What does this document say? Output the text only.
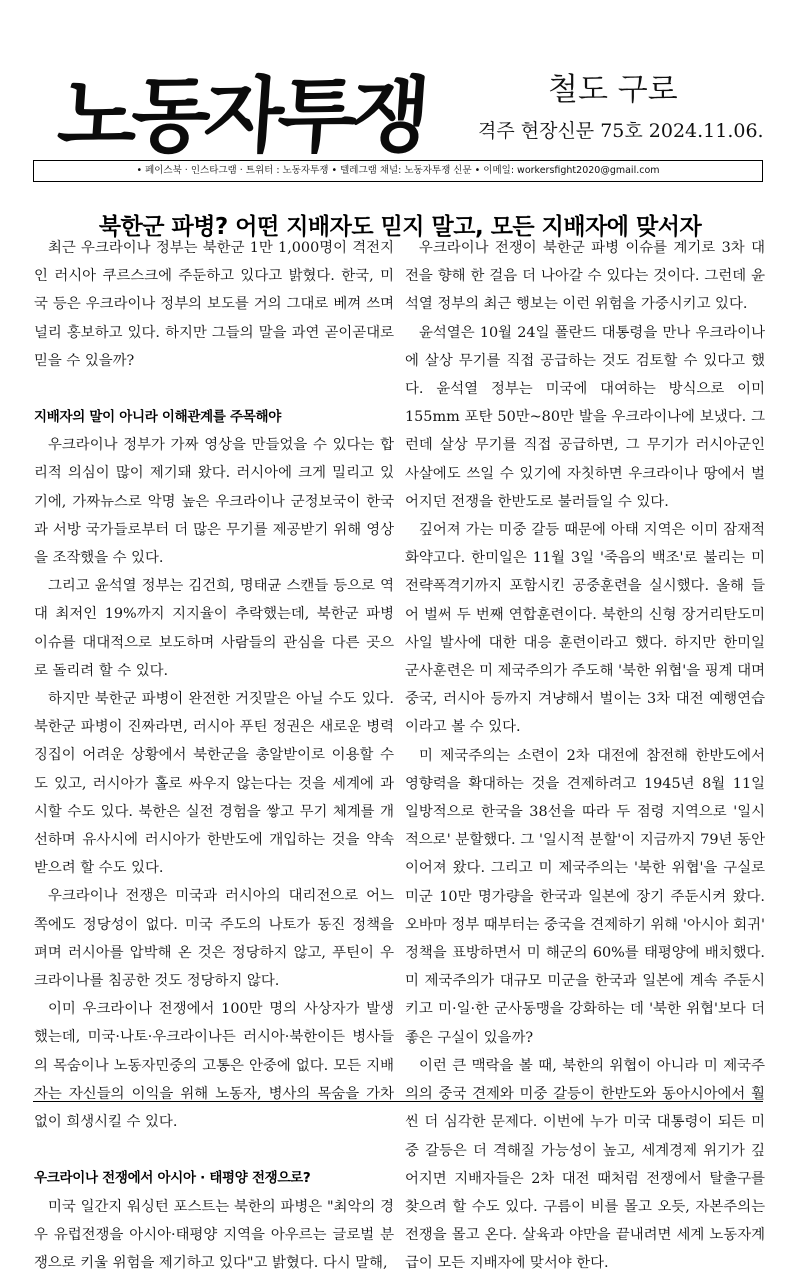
노동자투쟁	철도 구로
격주 현장신문 75호 2024.11.06.
• 페이스북 · 인스타그램 · 트위터 : 노동자투쟁 • 텔레그램 채널: 노동자투쟁 신문 • 이메일: workersfight2020@gmail.com
북한군 파병? 어떤 지배자도 믿지 말고, 모든 지배자에 맞서자

최근 우크라이나 정부는 북한군 1만 1,000명이 격전지인 러시아 쿠르스크에 주둔하고 있다고 밝혔다. 한국, 미국 등은 우크라이나 정부의 보도를 거의 그대로 베껴 쓰며 널리 홍보하고 있다. 하지만 그들의 말을 과연 곧이곧대로 믿을 수 있을까?

지배자의 말이 아니라 이해관계를 주목해야

우크라이나 정부가 가짜 영상을 만들었을 수 있다는 합리적 의심이 많이 제기돼 왔다. 러시아에 크게 밀리고 있기에, 가짜뉴스로 악명 높은 우크라이나 군정보국이 한국과 서방 국가들로부터 더 많은 무기를 제공받기 위해 영상을 조작했을 수 있다.

그리고 윤석열 정부는 김건희, 명태균 스캔들 등으로 역대 최저인 19%까지 지지율이 추락했는데, 북한군 파병 이슈를 대대적으로 보도하며 사람들의 관심을 다른 곳으로 돌리려 할 수 있다.

하지만 북한군 파병이 완전한 거짓말은 아닐 수도 있다. 북한군 파병이 진짜라면, 러시아 푸틴 정권은 새로운 병력 징집이 어려운 상황에서 북한군을 총알받이로 이용할 수도 있고, 러시아가 홀로 싸우지 않는다는 것을 세계에 과시할 수도 있다. 북한은 실전 경험을 쌓고 무기 체계를 개선하며 유사시에 러시아가 한반도에 개입하는 것을 약속받으려 할 수도 있다.

우크라이나 전쟁은 미국과 러시아의 대리전으로 어느 쪽에도 정당성이 없다. 미국 주도의 나토가 동진 정책을 펴며 러시아를 압박해 온 것은 정당하지 않고, 푸틴이 우크라이나를 침공한 것도 정당하지 않다.

이미 우크라이나 전쟁에서 100만 명의 사상자가 발생했는데, 미국·나토·우크라이나든 러시아·북한이든 병사들의 목숨이나 노동자민중의 고통은 안중에 없다. 모든 지배자는 자신들의 이익을 위해 노동자, 병사의 목숨을 가차 없이 희생시킬 수 있다.

우크라이나 전쟁에서 아시아 · 태평양 전쟁으로?

미국 일간지 워싱턴 포스트는 북한의 파병은 "최악의 경우 유럽전쟁을 아시아·태평양 지역을 아우르는 글로벌 분쟁으로 키울 위험을 제기하고 있다"고 밝혔다. 다시 말해,

우크라이나 전쟁이 북한군 파병 이슈를 계기로 3차 대전을 향해 한 걸음 더 나아갈 수 있다는 것이다. 그런데 윤석열 정부의 최근 행보는 이런 위험을 가중시키고 있다.

윤석열은 10월 24일 폴란드 대통령을 만나 우크라이나에 살상 무기를 직접 공급하는 것도 검토할 수 있다고 했다. 윤석열 정부는 미국에 대여하는 방식으로 이미 155mm 포탄 50만~80만 발을 우크라이나에 보냈다. 그런데 살상 무기를 직접 공급하면, 그 무기가 러시아군인 사살에도 쓰일 수 있기에 자칫하면 우크라이나 땅에서 벌어지던 전쟁을 한반도로 불러들일 수 있다.

깊어져 가는 미중 갈등 때문에 아태 지역은 이미 잠재적 화약고다. 한미일은 11월 3일 '죽음의 백조'로 불리는 미 전략폭격기까지 포함시킨 공중훈련을 실시했다. 올해 들어 벌써 두 번째 연합훈련이다. 북한의 신형 장거리탄도미사일 발사에 대한 대응 훈련이라고 했다. 하지만 한미일 군사훈련은 미 제국주의가 주도해 '북한 위협'을 핑계 대며 중국, 러시아 등까지 겨냥해서 벌이는 3차 대전 예행연습이라고 볼 수 있다.

미 제국주의는 소련이 2차 대전에 참전해 한반도에서 영향력을 확대하는 것을 견제하려고 1945년 8월 11일 일방적으로 한국을 38선을 따라 두 점령 지역으로 '일시적으로' 분할했다. 그 '일시적 분할'이 지금까지 79년 동안 이어져 왔다. 그리고 미 제국주의는 '북한 위협'을 구실로 미군 10만 명가량을 한국과 일본에 장기 주둔시켜 왔다. 오바마 정부 때부터는 중국을 견제하기 위해 '아시아 회귀' 정책을 표방하면서 미 해군의 60%를 태평양에 배치했다. 미 제국주의가 대규모 미군을 한국과 일본에 계속 주둔시키고 미·일·한 군사동맹을 강화하는 데 '북한 위협'보다 더 좋은 구실이 있을까?

이런 큰 맥락을 볼 때, 북한의 위협이 아니라 미 제국주의의 중국 견제와 미중 갈등이 한반도와 동아시아에서 훨씬 더 심각한 문제다. 이번에 누가 미국 대통령이 되든 미중 갈등은 더 격해질 가능성이 높고, 세계경제 위기가 깊어지면 지배자들은 2차 대전 때처럼 전쟁에서 탈출구를 찾으려 할 수도 있다. 구름이 비를 몰고 오듯, 자본주의는 전쟁을 몰고 온다. 살육과 야만을 끝내려면 세계 노동자계급이 모든 지배자에 맞서야 한다.
